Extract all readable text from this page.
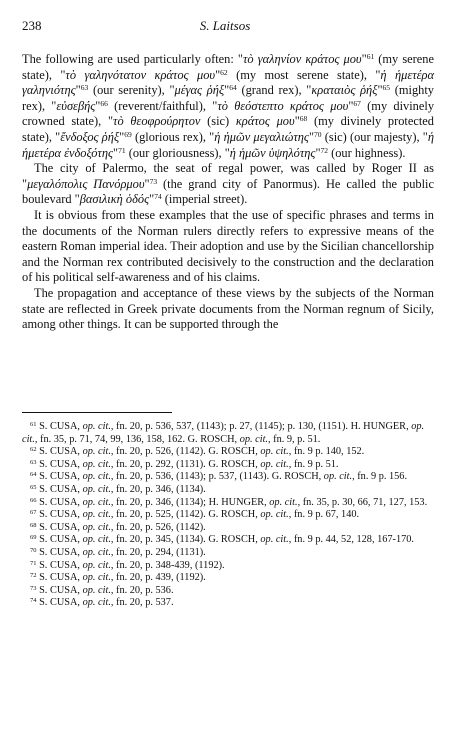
238	S. Laitsos

The following are used particularly often: "τὸ γαληνίον κράτος μου"$^{61}$ (my serene state), "τὸ γαληνότατον κράτος μου"$^{62}$ (my most serene state), "ἡ ἡμετέρα γαληνιότης"$^{63}$ (our serenity), "μέγας ῥήξ"$^{64}$ (grand rex), "κραταιὸς ῥήξ"$^{65}$ (mighty rex), "εὐσεβής"$^{66}$ (reverent/faithful), "τὸ θεόστεπτο κράτος μου"$^{67}$ (my divinely crowned state), "τὸ θεοφρούρητον (sic) κράτος μου"$^{68}$ (my divinely protected state), "ἔνδοξος ῥήξ"$^{69}$ (glorious rex), "ἡ ἡμῶν μεγαλιώτης"$^{70}$ (sic) (our majesty), "ἡ ἡμετέρα ἐνδοξότης"$^{71}$ (our gloriousness), "ἡ ἡμῶν ὑψηλότης"$^{72}$ (our highness).

The city of Palermo, the seat of regal power, was called by Roger II as "μεγαλόπολις Πανόρμου"$^{73}$ (the grand city of Panormus). He called the public boulevard "βασιλικὴ ὁδός"$^{74}$ (imperial street).

It is obvious from these examples that the use of specific phrases and terms in the documents of the Norman rulers directly refers to expressive means of the eastern Roman imperial idea. Their adoption and use by the Sicilian chancellorship and the Norman rex contributed decisively to the construction and the declaration of his political self-awareness and of his claims.

The propagation and acceptance of these views by the subjects of the Norman state are reflected in Greek private documents from the Norman regnum of Sicily, among other things. It can be supported through the

$^{61}$ S. CUSA, op. cit., fn. 20, p. 536, 537, (1143); p. 27, (1145); p. 130, (1151). H. HUNGER, op. cit., fn. 35, p. 71, 74, 99, 136, 158, 162. G. ROSCH, op. cit., fn. 9, p. 51.

$^{62}$ S. CUSA, op. cit., fn. 20, p. 526, (1142). G. ROSCH, op. cit., fn. 9 p. 140, 152.

$^{63}$ S. CUSA, op. cit., fn. 20, p. 292, (1131). G. ROSCH, op. cit., fn. 9 p. 51.

$^{64}$ S. CUSA, op. cit., fn. 20, p. 536, (1143); p. 537, (1143). G. ROSCH, op. cit., fn. 9 p. 156.

$^{65}$ S. CUSA, op. cit., fn. 20, p. 346, (1134).

$^{66}$ S. CUSA, op. cit., fn. 20, p. 346, (1134); H. HUNGER, op. cit., fn. 35, p. 30, 66, 71, 127, 153.

$^{67}$ S. CUSA, op. cit., fn. 20, p. 525, (1142). G. ROSCH, op. cit., fn. 9 p. 67, 140.

$^{68}$ S. CUSA, op. cit., fn. 20, p. 526, (1142).

$^{69}$ S. CUSA, op. cit., fn. 20, p. 345, (1134). G. ROSCH, op. cit., fn. 9 p. 44, 52, 128, 167-170.

$^{70}$ S. CUSA, op. cit., fn. 20, p. 294, (1131).

$^{71}$ S. CUSA, op. cit., fn. 20, p. 348-439, (1192).

$^{72}$ S. CUSA, op. cit., fn. 20, p. 439, (1192).

$^{73}$ S. CUSA, op. cit., fn. 20, p. 536.

$^{74}$ S. CUSA, op. cit., fn. 20, p. 537.
